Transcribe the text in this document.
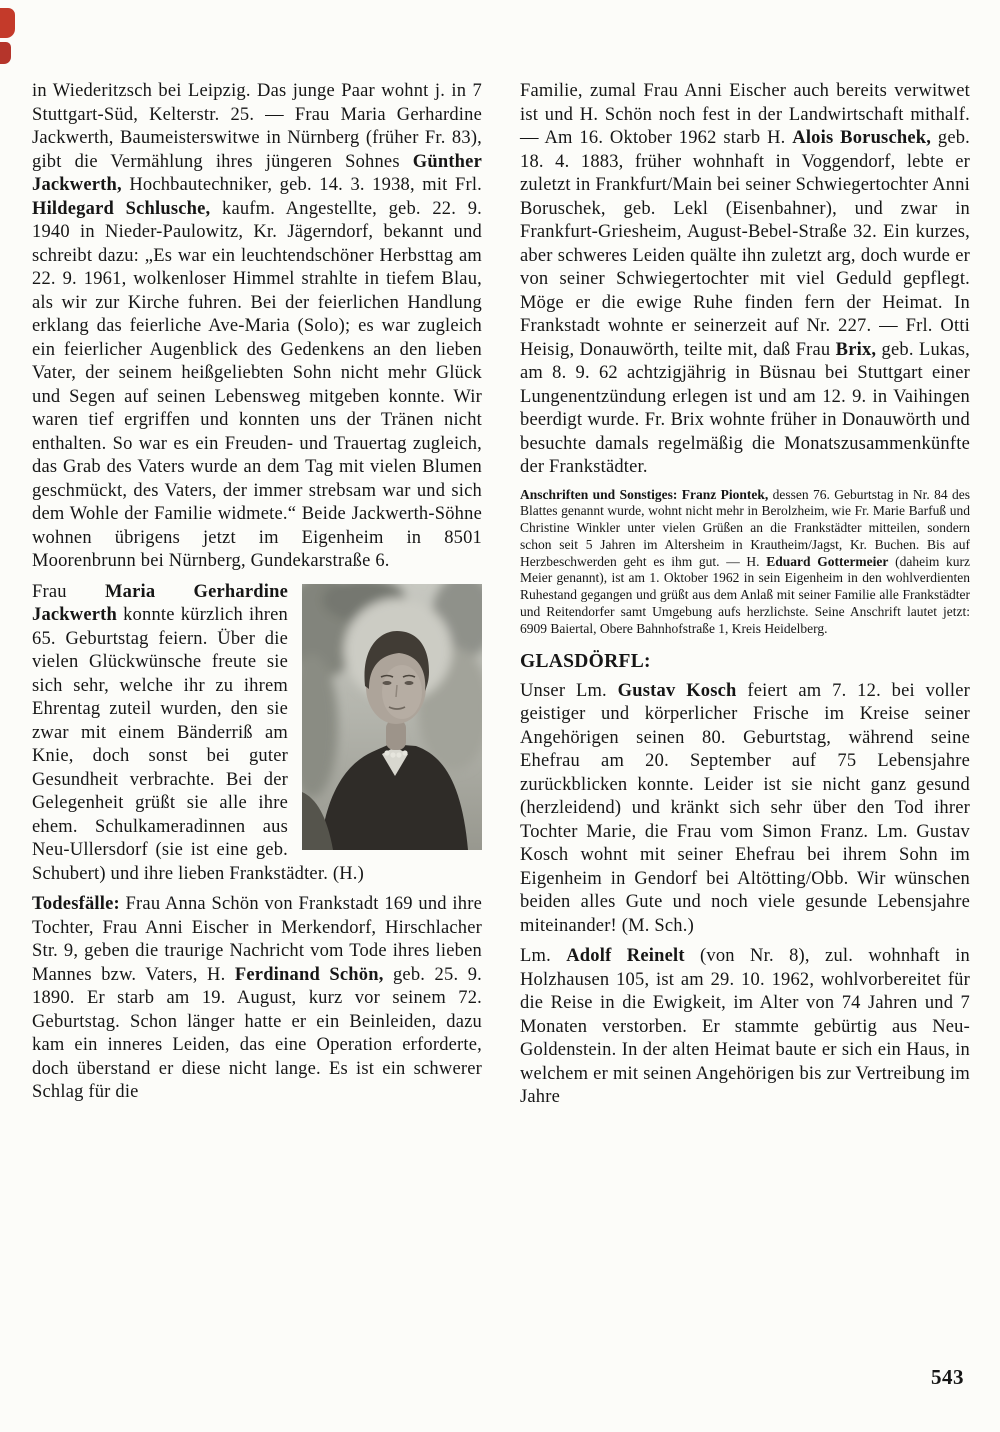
in Wiederitzsch bei Leipzig. Das junge Paar wohnt j. in 7 Stuttgart-Süd, Kelterstr. 25. — Frau Maria Gerhardine Jackwerth, Baumeisterswitwe in Nürnberg (früher Fr. 83), gibt die Vermählung ihres jüngeren Sohnes Günther Jackwerth, Hochbautechniker, geb. 14. 3. 1938, mit Frl. Hildegard Schlusche, kaufm. Angestellte, geb. 22. 9. 1940 in Nieder-Paulowitz, Kr. Jägerndorf, bekannt und schreibt dazu: „Es war ein leuchtendschöner Herbsttag am 22. 9. 1961, wolkenloser Himmel strahlte in tiefem Blau, als wir zur Kirche fuhren. Bei der feierlichen Handlung erklang das feierliche Ave-Maria (Solo); es war zugleich ein feierlicher Augenblick des Gedenkens an den lieben Vater, der seinem heißgeliebten Sohn nicht mehr Glück und Segen auf seinen Lebensweg mitgeben konnte. Wir waren tief ergriffen und konnten uns der Tränen nicht enthalten. So war es ein Freuden- und Trauertag zugleich, das Grab des Vaters wurde an dem Tag mit vielen Blumen geschmückt, des Vaters, der immer strebsam war und sich dem Wohle der Familie widmete.“ Beide Jackwerth-Söhne wohnen übrigens jetzt im Eigenheim in 8501 Moorenbrunn bei Nürnberg, Gundekarstraße 6.

Frau Maria Gerhardine Jackwerth konnte kürzlich ihren 65. Geburtstag feiern. Über die vielen Glückwünsche freute sie sich sehr, welche ihr zu ihrem Ehrentag zuteil wurden, den sie zwar mit einem Bänderriß am Knie, doch sonst bei guter Gesundheit verbrachte. Bei der Gelegenheit grüßt sie alle ihre ehem. Schulkameradinnen aus Neu-Ullersdorf (sie ist eine geb. Schubert) und ihre lieben Frankstädter. (H.)

Todesfälle: Frau Anna Schön von Frankstadt 169 und ihre Tochter, Frau Anni Eischer in Merkendorf, Hirschlacher Str. 9, geben die traurige Nachricht vom Tode ihres lieben Mannes bzw. Vaters, H. Ferdinand Schön, geb. 25. 9. 1890. Er starb am 19. August, kurz vor seinem 72. Geburtstag. Schon länger hatte er ein Beinleiden, dazu kam ein inneres Leiden, das eine Operation erforderte, doch überstand er diese nicht lange. Es ist ein schwerer Schlag für die

Familie, zumal Frau Anni Eischer auch bereits verwitwet ist und H. Schön noch fest in der Landwirtschaft mithalf. — Am 16. Oktober 1962 starb H. Alois Boruschek, geb. 18. 4. 1883, früher wohnhaft in Voggendorf, lebte er zuletzt in Frankfurt/Main bei seiner Schwiegertochter Anni Boruschek, geb. Lekl (Eisenbahner), und zwar in Frankfurt-Griesheim, August-Bebel-Straße 32. Ein kurzes, aber schweres Leiden quälte ihn zuletzt arg, doch wurde er von seiner Schwiegertochter mit viel Geduld gepflegt. Möge er die ewige Ruhe finden fern der Heimat. In Frankstadt wohnte er seinerzeit auf Nr. 227. — Frl. Otti Heisig, Donauwörth, teilte mit, daß Frau Brix, geb. Lukas, am 8. 9. 62 achtzigjährig in Büsnau bei Stuttgart einer Lungenentzündung erlegen ist und am 12. 9. in Vaihingen beerdigt wurde. Fr. Brix wohnte früher in Donauwörth und besuchte damals regelmäßig die Monatszusammenkünfte der Frankstädter.

Anschriften und Sonstiges: Franz Piontek, dessen 76. Geburtstag in Nr. 84 des Blattes genannt wurde, wohnt nicht mehr in Berolzheim, wie Fr. Marie Barfuß und Christine Winkler unter vielen Grüßen an die Frankstädter mitteilen, sondern schon seit 5 Jahren im Altersheim in Krautheim/Jagst, Kr. Buchen. Bis auf Herzbeschwerden geht es ihm gut. — H. Eduard Gottermeier (daheim kurz Meier genannt), ist am 1. Oktober 1962 in sein Eigenheim in den wohlverdienten Ruhestand gegangen und grüßt aus dem Anlaß mit seiner Familie alle Frankstädter und Reitendorfer samt Umgebung aufs herzlichste. Seine Anschrift lautet jetzt: 6909 Baiertal, Obere Bahnhofstraße 1, Kreis Heidelberg.

GLASDÖRFL:

Unser Lm. Gustav Kosch feiert am 7. 12. bei voller geistiger und körperlicher Frische im Kreise seiner Angehörigen seinen 80. Geburtstag, während seine Ehefrau am 20. September auf 75 Lebensjahre zurückblicken konnte. Leider ist sie nicht ganz gesund (herzleidend) und kränkt sich sehr über den Tod ihrer Tochter Marie, die Frau vom Simon Franz. Lm. Gustav Kosch wohnt mit seiner Ehefrau bei ihrem Sohn im Eigenheim in Gendorf bei Altötting/Obb. Wir wünschen beiden alles Gute und noch viele gesunde Lebensjahre miteinander! (M. Sch.)

Lm. Adolf Reinelt (von Nr. 8), zul. wohnhaft in Holzhausen 105, ist am 29. 10. 1962, wohlvorbereitet für die Reise in die Ewigkeit, im Alter von 74 Jahren und 7 Monaten verstorben. Er stammte gebürtig aus Neu-Goldenstein. In der alten Heimat baute er sich ein Haus, in welchem er mit seinen Angehörigen bis zur Vertreibung im Jahre

543
